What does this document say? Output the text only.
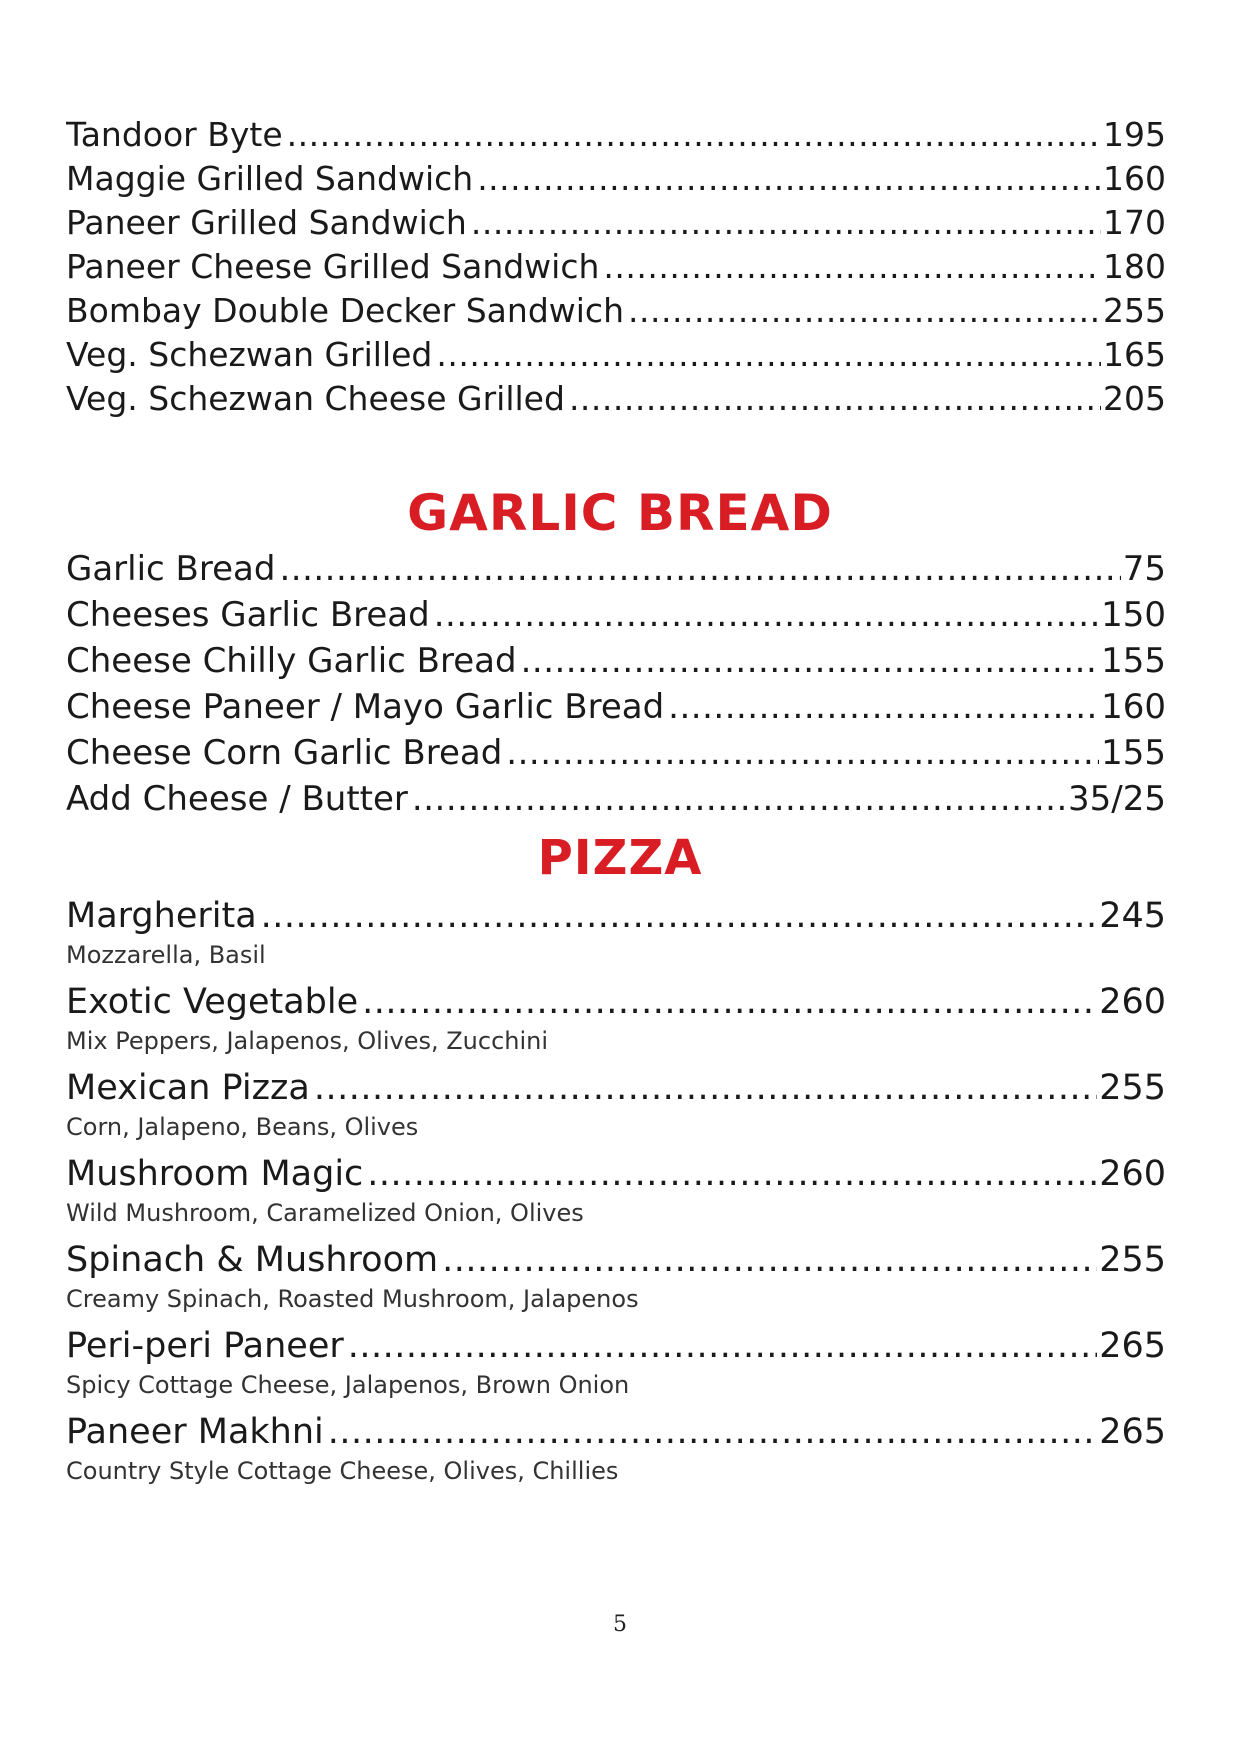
Tandoor Byte .....	195
Maggie Grilled Sandwich .....	160
Paneer Grilled Sandwich .....	170
Paneer Cheese Grilled Sandwich .....	180
Bombay Double Decker Sandwich .....	255
Veg. Schezwan Grilled .....	165
Veg. Schezwan Cheese Grilled .....	205
GARLIC BREAD
Garlic Bread .....	75
Cheeses Garlic Bread .....	150
Cheese Chilly Garlic Bread .....	155
Cheese Paneer / Mayo Garlic Bread .....	160
Cheese Corn Garlic Bread .....	155
Add Cheese / Butter .....	35/25
PIZZA
Margherita .....	245
Mozzarella, Basil
Exotic Vegetable .....	260
Mix Peppers, Jalapenos, Olives, Zucchini
Mexican Pizza .....	255
Corn, Jalapeno, Beans, Olives
Mushroom Magic .....	260
Wild Mushroom, Caramelized Onion, Olives
Spinach & Mushroom .....	255
Creamy Spinach, Roasted Mushroom, Jalapenos
Peri-peri Paneer .....	265
Spicy Cottage Cheese, Jalapenos, Brown Onion
Paneer Makhni .....	265
Country Style Cottage Cheese, Olives, Chillies
5
